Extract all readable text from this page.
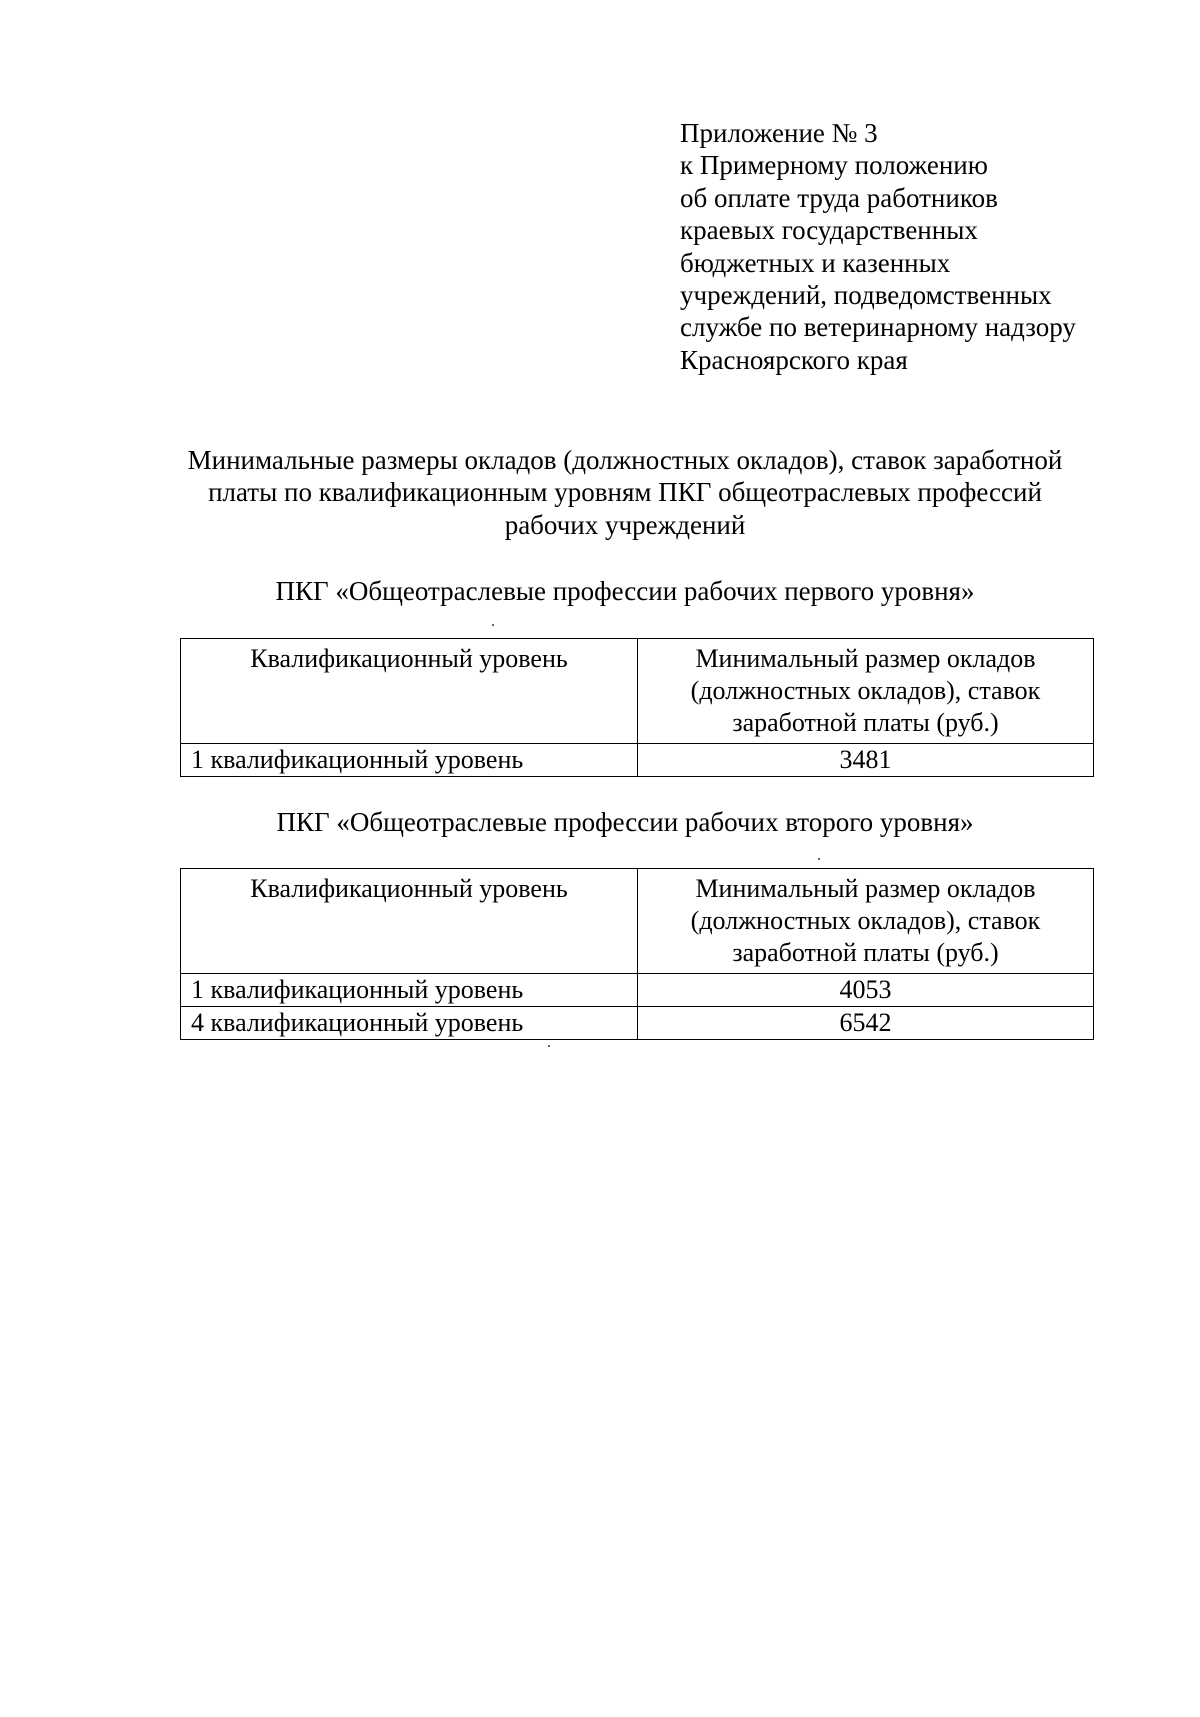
Приложение № 3
к Примерному положению
об оплате труда работников
краевых государственных
бюджетных и казенных
учреждений, подведомственных
службе по ветеринарному надзору
Красноярского края
Минимальные размеры окладов (должностных окладов), ставок заработной
платы по квалификационным уровням ПКГ общеотраслевых профессий
рабочих учреждений
ПКГ «Общеотраслевые профессии рабочих первого уровня»
Квалификационный уровень	Минимальный размер окладов (должностных окладов), ставок заработной платы (руб.)
1 квалификационный уровень	3481
ПКГ «Общеотраслевые профессии рабочих второго уровня»
Квалификационный уровень	Минимальный размер окладов (должностных окладов), ставок заработной платы (руб.)
1 квалификационный уровень	4053
4 квалификационный уровень	6542
